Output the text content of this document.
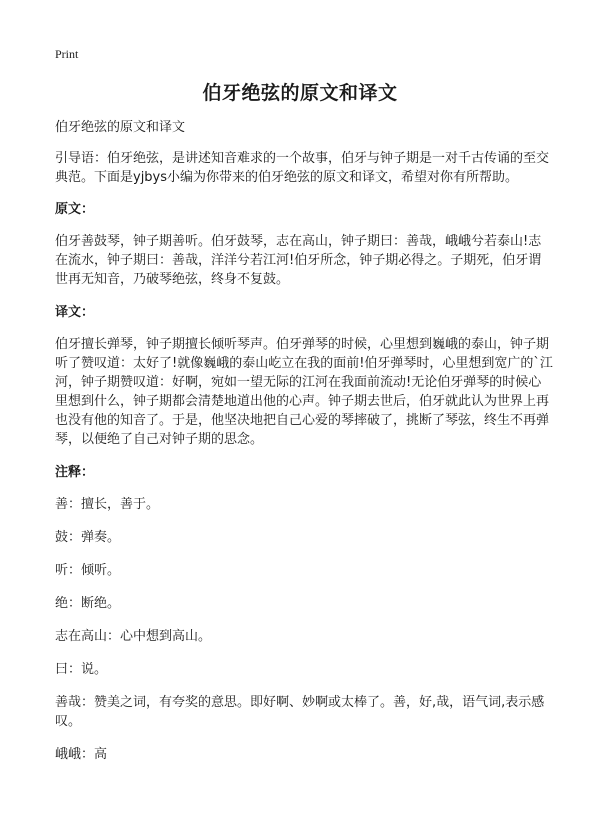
Print
伯牙绝弦的原文和译文

伯牙绝弦的原文和译文

引导语：伯牙绝弦，是讲述知音难求的一个故事，伯牙与钟子期是一对千古传诵的至交典范。下面是yjbys小编为你带来的伯牙绝弦的原文和译文，希望对你有所帮助。

原文：

伯牙善鼓琴，钟子期善听。伯牙鼓琴，志在高山，钟子期曰：善哉，峨峨兮若泰山!志在流水，钟子期曰：善哉，洋洋兮若江河!伯牙所念，钟子期必得之。子期死，伯牙谓世再无知音，乃破琴绝弦，终身不复鼓。

译文：

伯牙擅长弹琴，钟子期擅长倾听琴声。伯牙弹琴的时候，心里想到巍峨的泰山，钟子期听了赞叹道：太好了!就像巍峨的泰山屹立在我的面前!伯牙弹琴时，心里想到宽广的`江河，钟子期赞叹道：好啊，宛如一望无际的江河在我面前流动!无论伯牙弹琴的时候心里想到什么，钟子期都会清楚地道出他的心声。钟子期去世后，伯牙就此认为世界上再也没有他的知音了。于是，他坚决地把自己心爱的琴摔破了，挑断了琴弦，终生不再弹琴，以便绝了自己对钟子期的思念。

注释：

善：擅长，善于。

鼓：弹奏。

听：倾听。

绝：断绝。

志在高山：心中想到高山。

曰：说。

善哉：赞美之词，有夸奖的意思。即好啊、妙啊或太棒了。善，好,哉，语气词,表示感叹。

峨峨：高
